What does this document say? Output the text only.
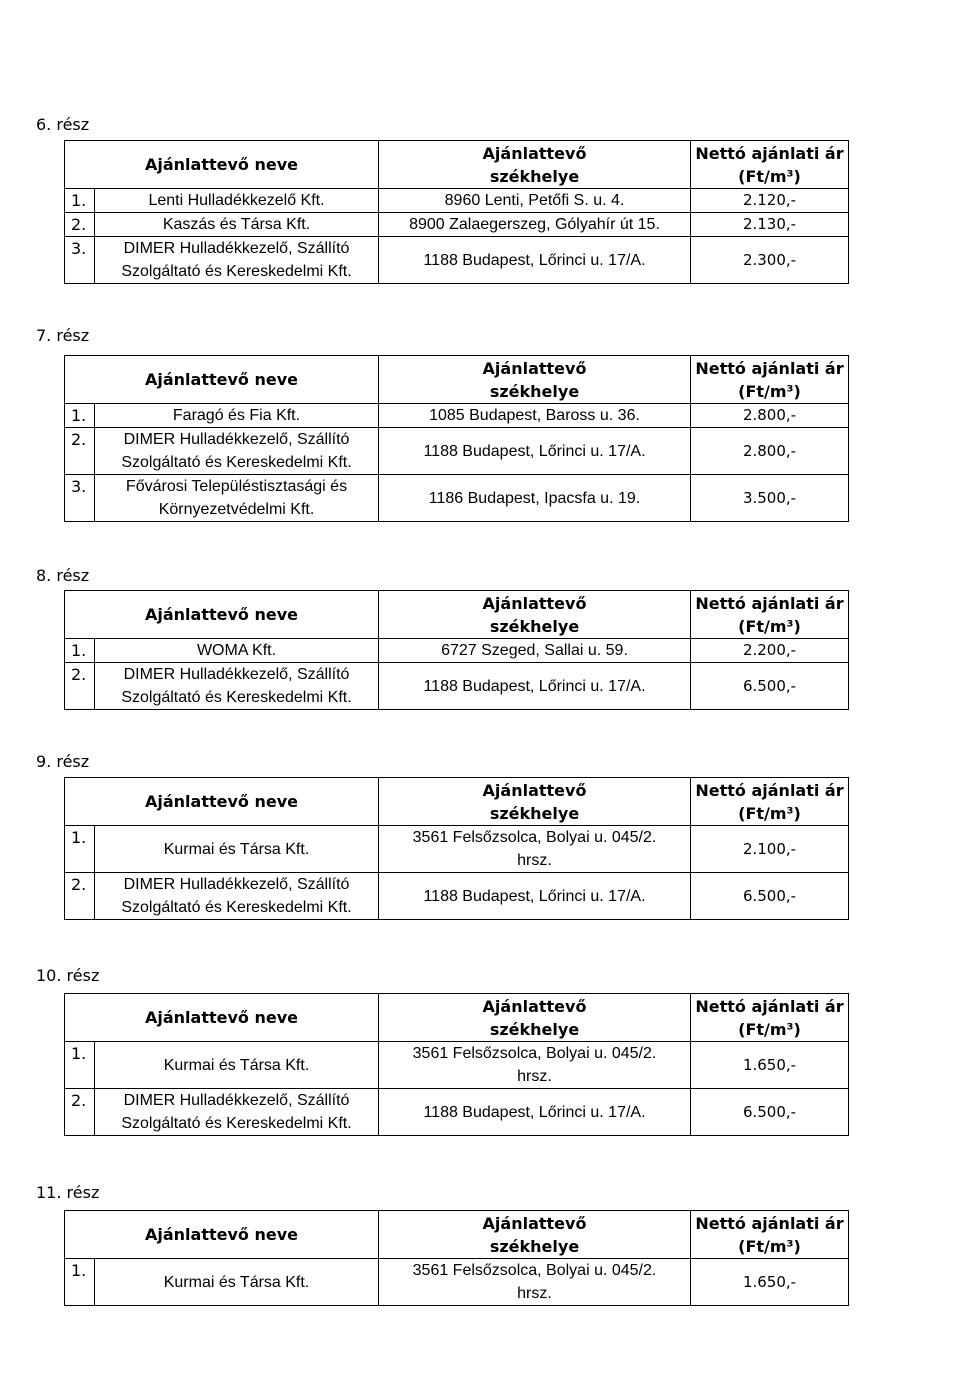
6. rész
Ajánlattevő neve		Ajánlattevő
székhelye	Nettó ajánlati ár
(Ft/m³)

1.	Lenti Hulladékkezelő Kft.	8960 Lenti, Petőfi S. u. 4.	2.120,-
2.	Kaszás és Társa Kft.	8900 Zalaegerszeg, Gólyahír út 15.	2.130,-
3.	DIMER Hulladékkezelő, Szállító
Szolgáltató és Kereskedelmi Kft.	1188 Budapest, Lőrinci u. 17/A.	2.300,-
7. rész
Ajánlattevő neve		Ajánlattevő
székhelye	Nettó ajánlati ár
(Ft/m³)

1.	Faragó és Fia Kft.	1085 Budapest, Baross u. 36.	2.800,-
2.	DIMER Hulladékkezelő, Szállító
Szolgáltató és Kereskedelmi Kft.	1188 Budapest, Lőrinci u. 17/A.	2.800,-
3.	Fővárosi Településtisztasági és
Környezetvédelmi Kft.	1186 Budapest, Ipacsfa u. 19.	3.500,-
8. rész
Ajánlattevő neve		Ajánlattevő
székhelye	Nettó ajánlati ár
(Ft/m³)

1.	WOMA Kft.	6727 Szeged, Sallai u. 59.	2.200,-
2.	DIMER Hulladékkezelő, Szállító
Szolgáltató és Kereskedelmi Kft.	1188 Budapest, Lőrinci u. 17/A.	6.500,-
9. rész
Ajánlattevő neve		Ajánlattevő
székhelye	Nettó ajánlati ár
(Ft/m³)

1.	Kurmai és Társa Kft.	3561 Felsőzsolca, Bolyai u. 045/2.
hrsz.	2.100,-
2.	DIMER Hulladékkezelő, Szállító
Szolgáltató és Kereskedelmi Kft.	1188 Budapest, Lőrinci u. 17/A.	6.500,-
10. rész
Ajánlattevő neve		Ajánlattevő
székhelye	Nettó ajánlati ár
(Ft/m³)

1.	Kurmai és Társa Kft.	3561 Felsőzsolca, Bolyai u. 045/2.
hrsz.	1.650,-
2.	DIMER Hulladékkezelő, Szállító
Szolgáltató és Kereskedelmi Kft.	1188 Budapest, Lőrinci u. 17/A.	6.500,-
11. rész
Ajánlattevő neve		Ajánlattevő
székhelye	Nettó ajánlati ár
(Ft/m³)

1.	Kurmai és Társa Kft.	3561 Felsőzsolca, Bolyai u. 045/2.
hrsz.	1.650,-
